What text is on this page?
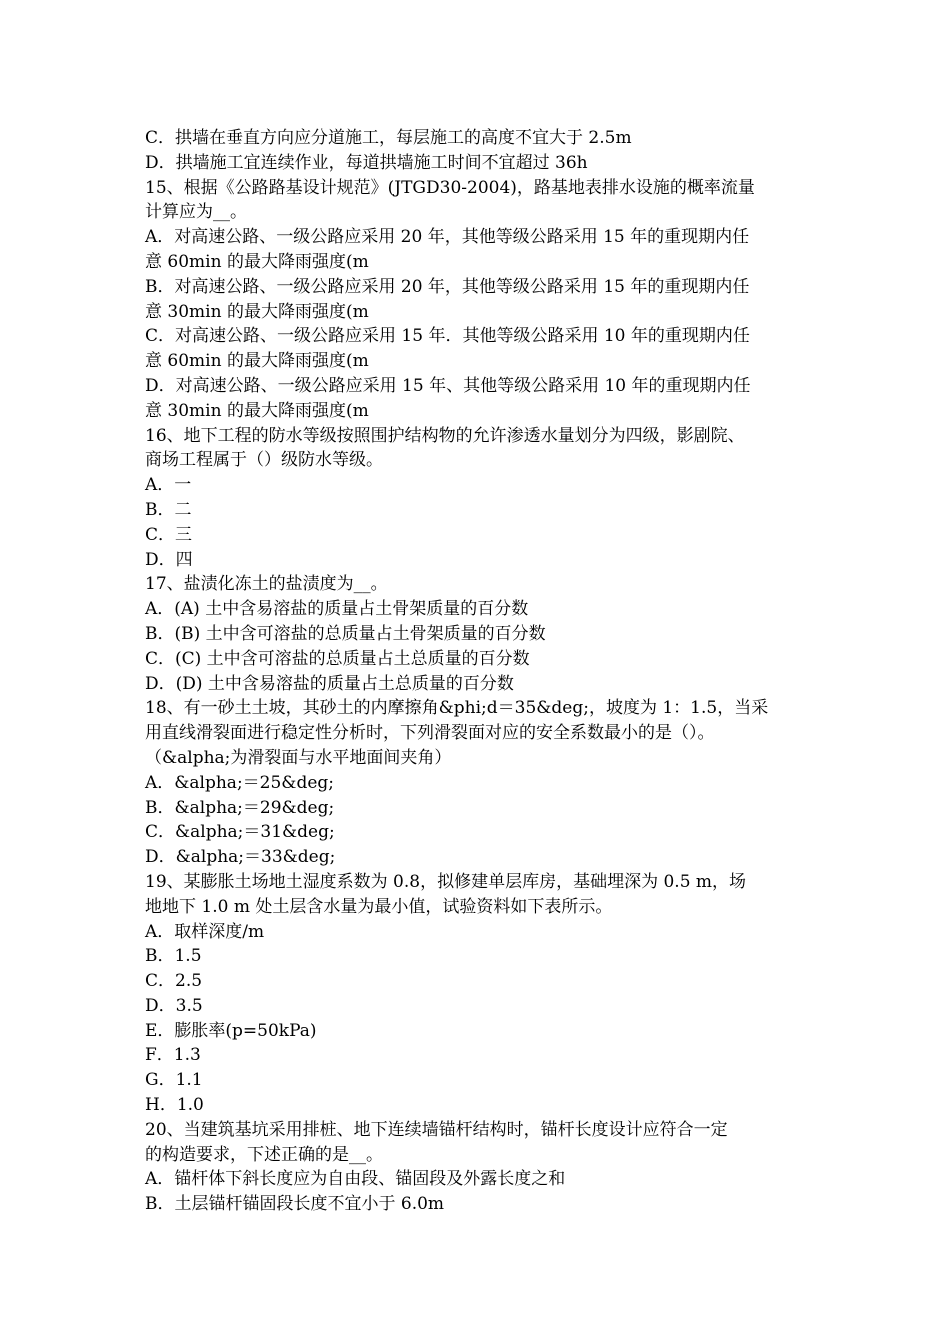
C．拱墙在垂直方向应分道施工，每层施工的高度不宜大于 2.5m
D．拱墙施工宜连续作业，每道拱墙施工时间不宜超过 36h
15、根据《公路路基设计规范》(JTGD30-2004)，路基地表排水设施的概率流量
计算应为__。
A．对高速公路、一级公路应采用 20 年，其他等级公路采用 15 年的重现期内任
意 60min 的最大降雨强度(m
B．对高速公路、一级公路应采用 20 年，其他等级公路采用 15 年的重现期内任
意 30min 的最大降雨强度(m
C．对高速公路、一级公路应采用 15 年．其他等级公路采用 10 年的重现期内任
意 60min 的最大降雨强度(m
D．对高速公路、一级公路应采用 15 年、其他等级公路采用 10 年的重现期内任
意 30min 的最大降雨强度(m
16、地下工程的防水等级按照围护结构物的允许渗透水量划分为四级，影剧院、
商场工程属于（）级防水等级。
A．一
B．二
C．三
D．四
17、盐渍化冻土的盐渍度为__。
A．(A) 土中含易溶盐的质量占土骨架质量的百分数
B．(B) 土中含可溶盐的总质量占土骨架质量的百分数
C．(C) 土中含可溶盐的总质量占土总质量的百分数
D．(D) 土中含易溶盐的质量占土总质量的百分数
18、有一砂土土坡，其砂土的内摩擦角&phi;d＝35&deg;，坡度为 1：1.5，当采
用直线滑裂面进行稳定性分析时，下列滑裂面对应的安全系数最小的是（）。
（&alpha;为滑裂面与水平地面间夹角）
A．&alpha;＝25&deg;
B．&alpha;＝29&deg;
C．&alpha;＝31&deg;
D．&alpha;＝33&deg;
19、某膨胀土场地土湿度系数为 0.8，拟修建单层库房，基础埋深为 0.5 m，场
地地下 1.0 m 处土层含水量为最小值，试验资料如下表所示。
A．取样深度/m
B．1.5
C．2.5
D．3.5
E．膨胀率(p=50kPa)
F．1.3
G．1.1
H．1.0
20、当建筑基坑采用排桩、地下连续墙锚杆结构时，锚杆长度设计应符合一定
的构造要求，下述正确的是__。
A．锚杆体下斜长度应为自由段、锚固段及外露长度之和
B．土层锚杆锚固段长度不宜小于 6.0m
